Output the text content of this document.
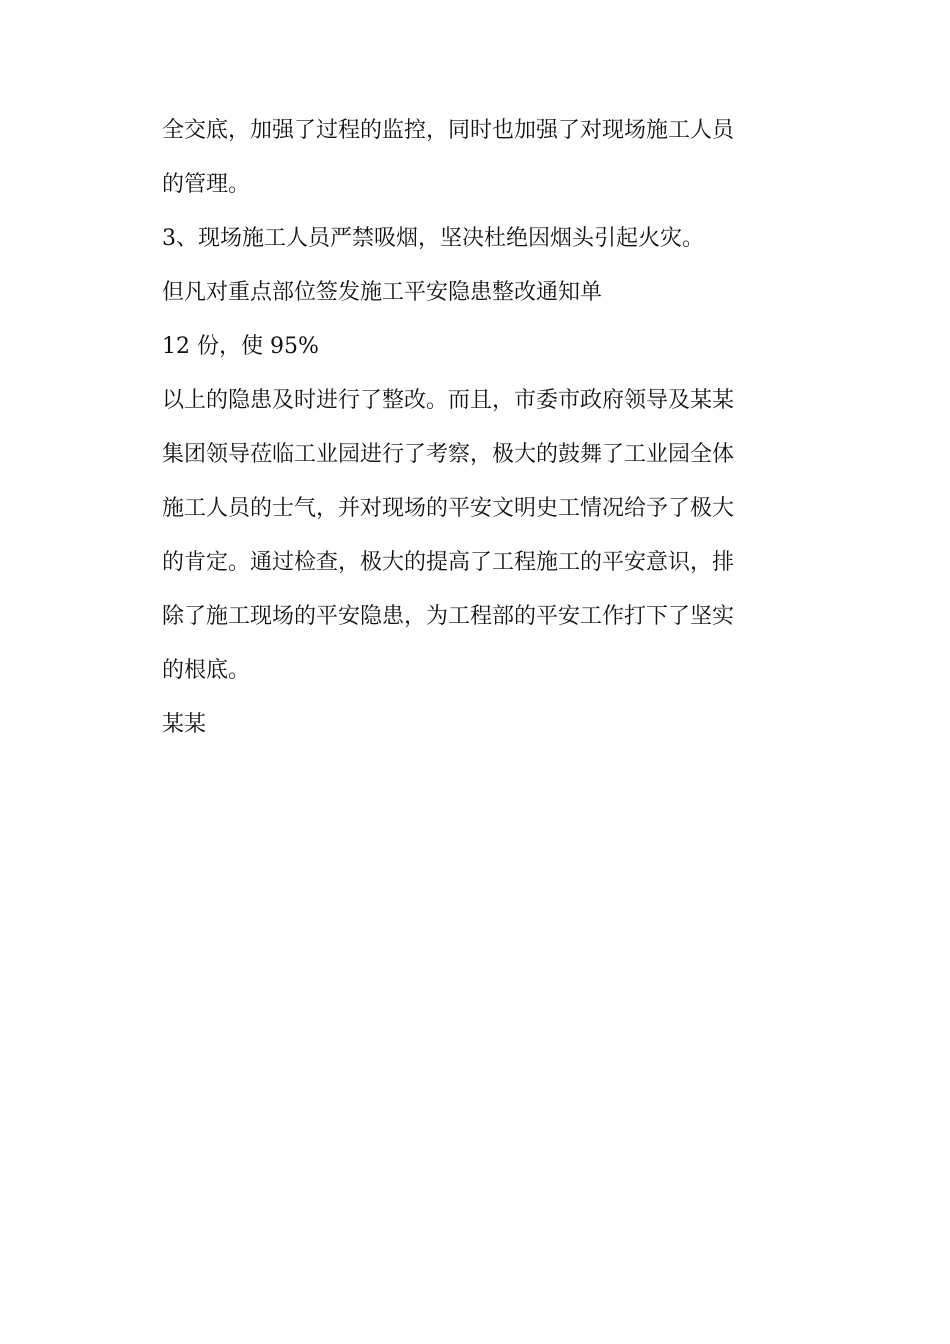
全交底，加强了过程的监控，同时也加强了对现场施工人员
的管理。
3、现场施工人员严禁吸烟，坚决杜绝因烟头引起火灾。
但凡对重点部位签发施工平安隐患整改通知单
12 份，使 95%
以上的隐患及时进行了整改。而且，市委市政府领导及某某
集团领导莅临工业园进行了考察，极大的鼓舞了工业园全体
施工人员的士气，并对现场的平安文明史工情况给予了极大
的肯定。通过检查，极大的提高了工程施工的平安意识，排
除了施工现场的平安隐患，为工程部的平安工作打下了坚实
的根底。
某某
